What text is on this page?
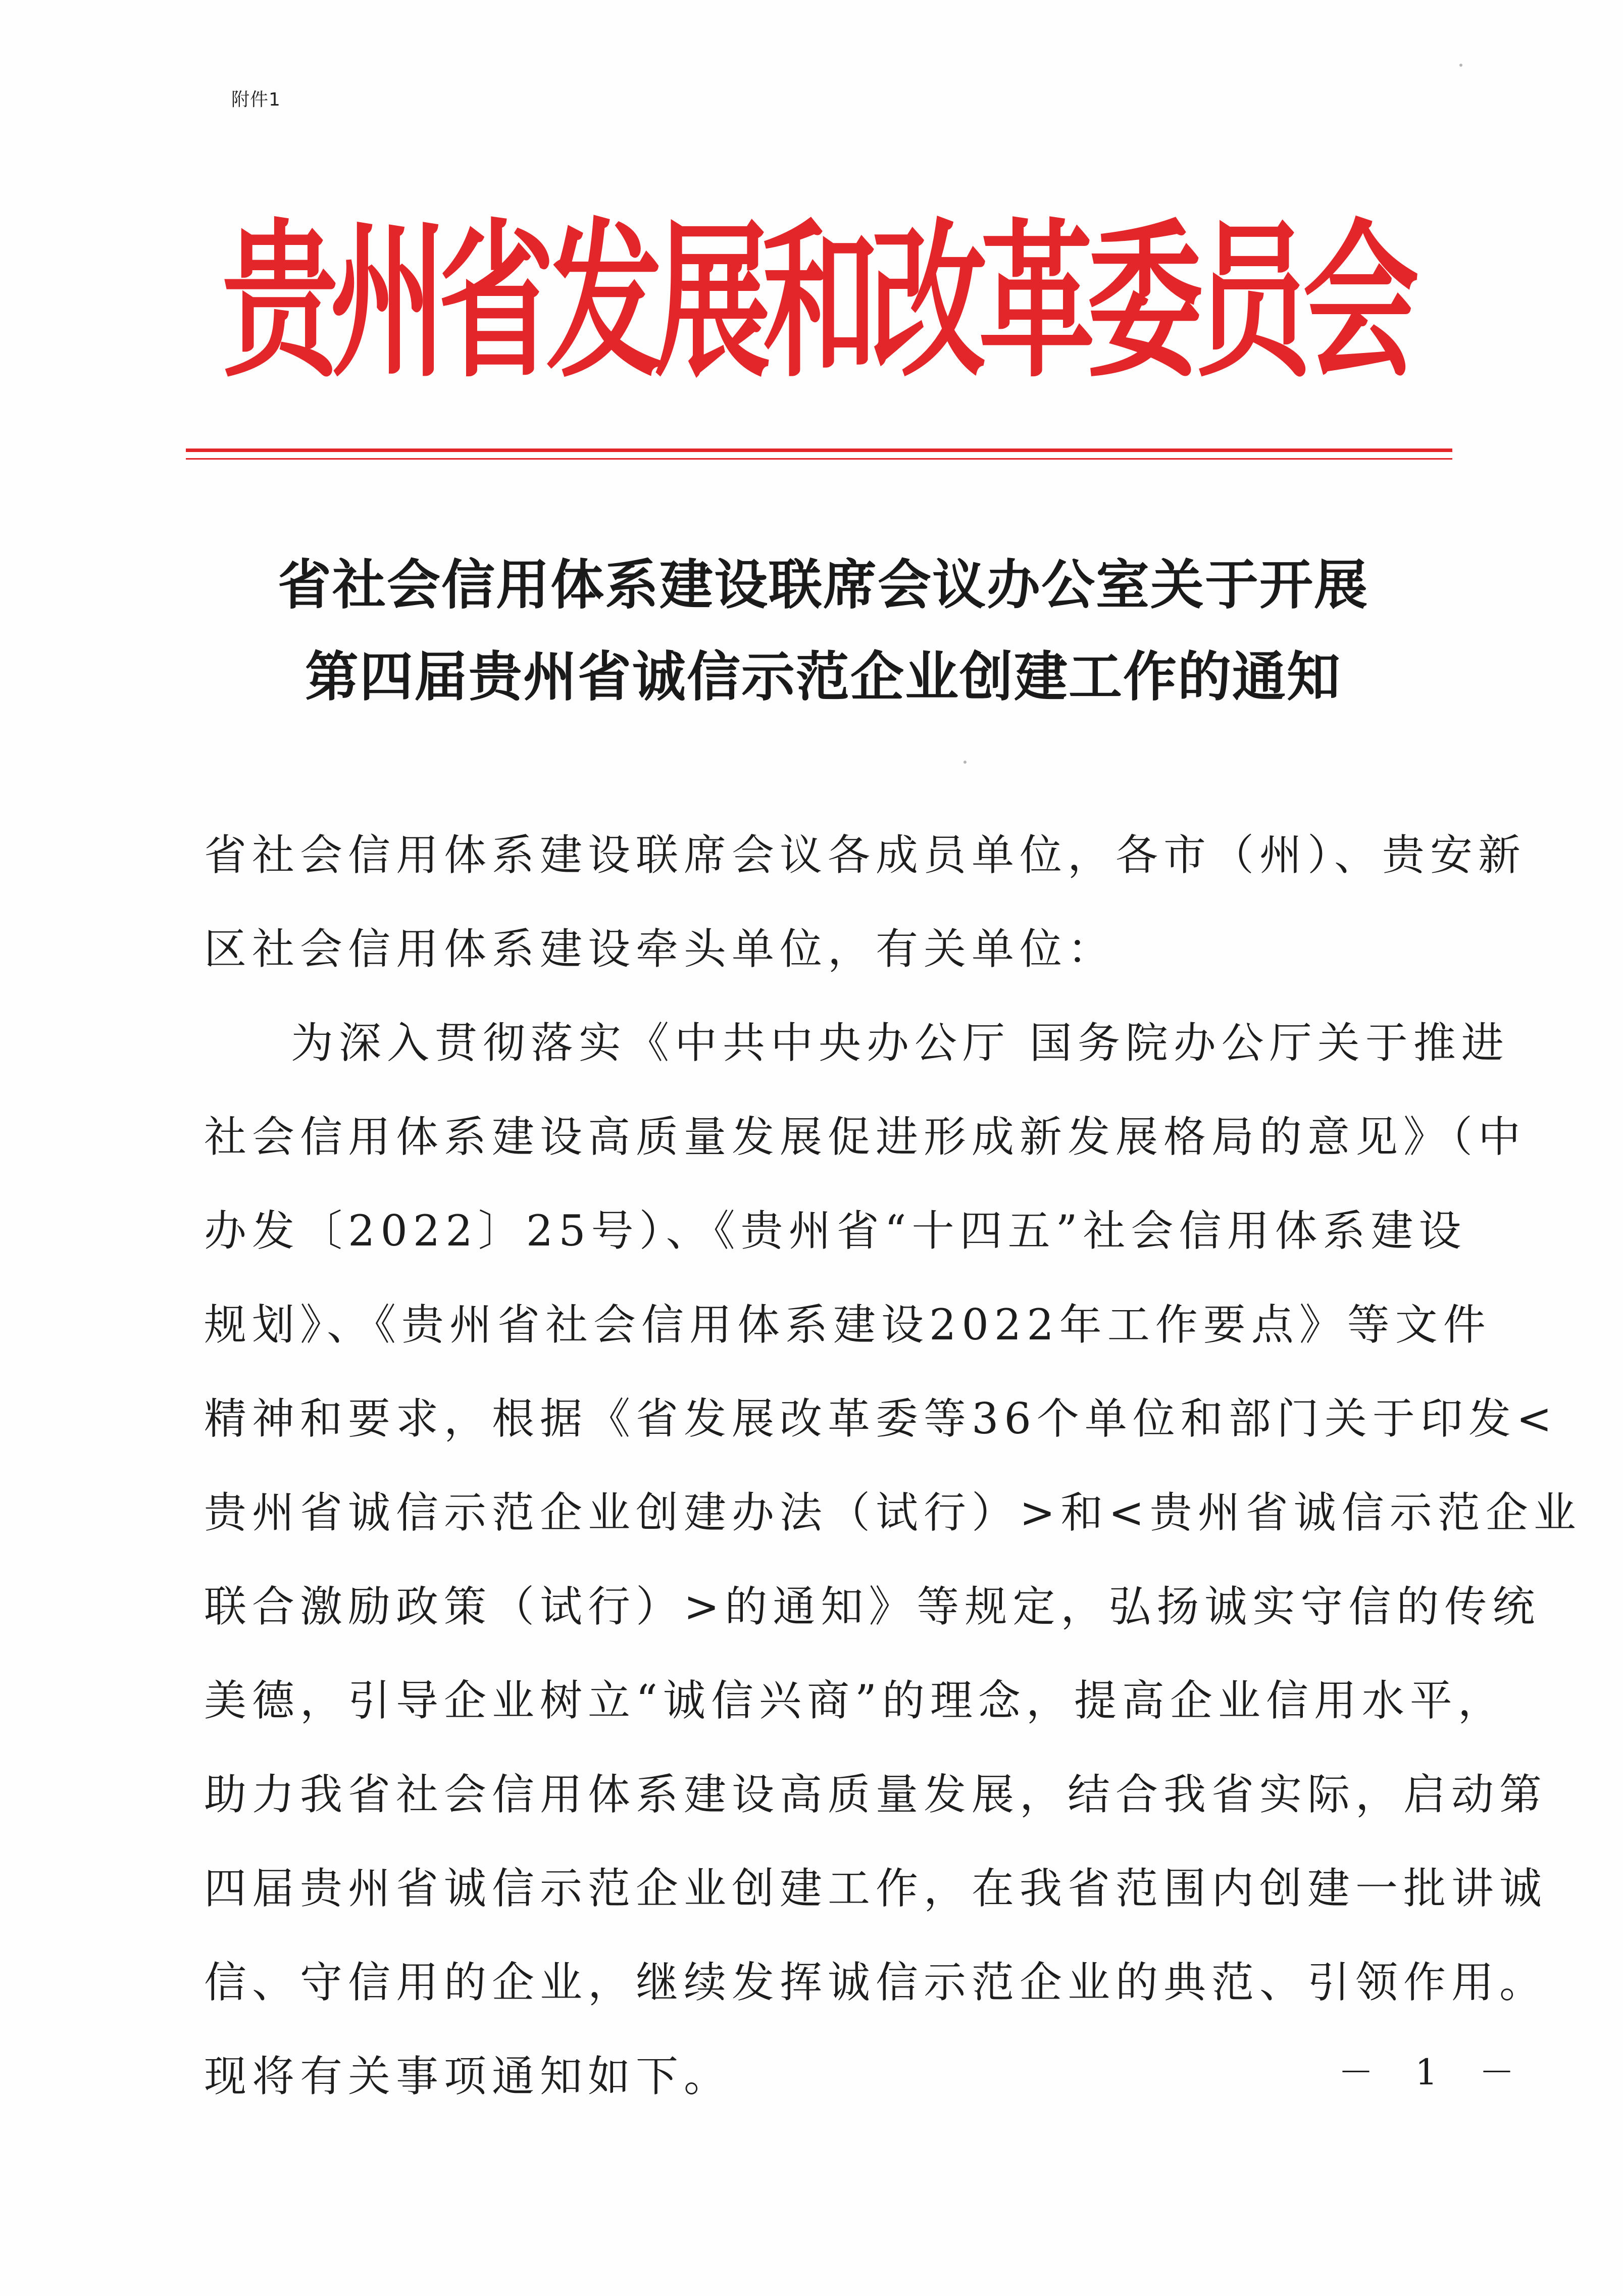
附件1
贵州省发展和改革委员会
省社会信用体系建设联席会议办公室关于开展
第四届贵州省诚信示范企业创建工作的通知
省社会信用体系建设联席会议各成员单位，各市（州）、贵安新
区社会信用体系建设牵头单位，有关单位：
为深入贯彻落实《中共中央办公厅 国务院办公厅关于推进
社会信用体系建设高质量发展促进形成新发展格局的意见》（中
办发〔2022〕25号）、《贵州省“十四五”社会信用体系建设
规划》、《贵州省社会信用体系建设2022年工作要点》等文件
精神和要求，根据《省发展改革委等36个单位和部门关于印发<
贵州省诚信示范企业创建办法（试行）>和<贵州省诚信示范企业
联合激励政策（试行）>的通知》等规定，弘扬诚实守信的传统
美德，引导企业树立“诚信兴商”的理念，提高企业信用水平，
助力我省社会信用体系建设高质量发展，结合我省实际，启动第
四届贵州省诚信示范企业创建工作，在我省范围内创建一批讲诚
信、守信用的企业，继续发挥诚信示范企业的典范、引领作用。
现将有关事项通知如下。	－ 1 －
